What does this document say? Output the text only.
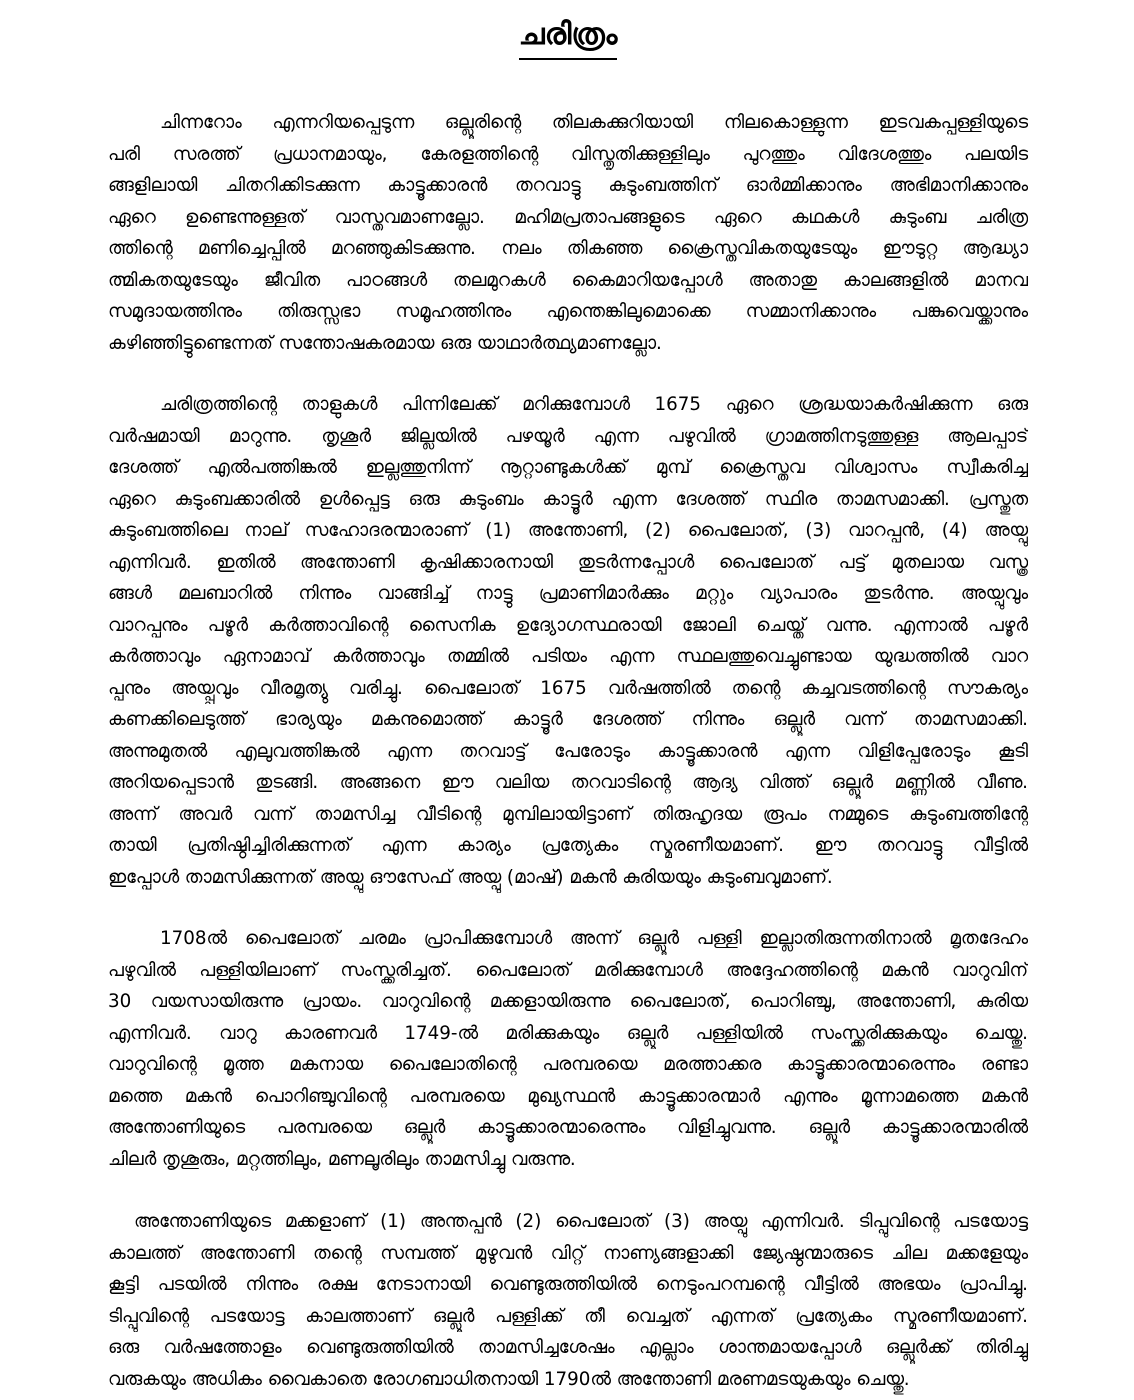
ചരിത്രം
ചിന്നറോം എന്നറിയപ്പെടുന്ന ഒല്ലൂരിന്റെ തിലകക്കുറിയായി നിലകൊള്ളുന്ന ഇടവകപ്പള്ളിയുടെ
പരി സരത്ത് പ്രധാനമായും, കേരളത്തിന്റെ വിസ്തൃതിക്കുള്ളിലും പുറത്തും വിദേശത്തും പലയിട
ങ്ങളിലായി ചിതറിക്കിടക്കുന്ന കാട്ടൂക്കാരൻ തറവാട്ടു കുടുംബത്തിന് ഓർമ്മിക്കാനും അഭിമാനിക്കാനും
ഏറെ ഉണ്ടെന്നുള്ളത് വാസ്തവമാണല്ലോ. മഹിമപ്രതാപങ്ങളുടെ ഏറെ കഥകൾ കുടുംബ ചരിത്ര
ത്തിന്റെ മണിച്ചെപ്പിൽ മറഞ്ഞുകിടക്കുന്നു. നലം തികഞ്ഞ ക്രൈസ്തവികതയുടേയും ഈടുറ്റ ആദ്ധ്യാ
ത്മികതയുടേയും ജീവിത പാഠങ്ങൾ തലമുറകൾ കൈമാറിയപ്പോൾ അതാതു കാലങ്ങളിൽ മാനവ
സമുദായത്തിനും തിരുസ്സഭാ സമൂഹത്തിനും എന്തെങ്കിലുമൊക്കെ സമ്മാനിക്കാനും പങ്കുവെയ്ക്കാനും
കഴിഞ്ഞിട്ടുണ്ടെന്നത് സന്തോഷകരമായ ഒരു യാഥാർത്ഥ്യമാണല്ലോ.
ചരിത്രത്തിന്റെ താളുകൾ പിന്നിലേക്ക് മറിക്കുമ്പോൾ 1675 ഏറെ ശ്രദ്ധയാകർഷിക്കുന്ന ഒരു
വർഷമായി മാറുന്നു. തൃശൂർ ജില്ലയിൽ പഴയൂർ എന്ന പഴുവിൽ ഗ്രാമത്തിനടുത്തുള്ള ആലപ്പാട്
ദേശത്ത് എൽപത്തിങ്കൽ ഇല്ലത്തുനിന്ന് നൂറ്റാണ്ടുകൾക്ക് മുമ്പ് ക്രൈസ്തവ വിശ്വാസം സ്വീകരിച്ച
ഏറെ കുടുംബക്കാരിൽ ഉൾപ്പെട്ട ഒരു കുടുംബം കാട്ടൂർ എന്ന ദേശത്ത് സ്ഥിര താമസമാക്കി. പ്രസ്തുത
കുടുംബത്തിലെ നാല് സഹോദരന്മാരാണ് (1) അന്തോണി, (2) പൈലോത്, (3) വാറപ്പൻ, (4) അയ്പു
എന്നിവർ. ഇതിൽ അന്തോണി കൃഷിക്കാരനായി തുടർന്നപ്പോൾ പൈലോത് പട്ട് മുതലായ വസ്ത്ര
ങ്ങൾ മലബാറിൽ നിന്നും വാങ്ങിച്ച് നാട്ടു പ്രമാണിമാർക്കും മറ്റും വ്യാപാരം തുടർന്നു. അയ്പുവും
വാറപ്പനും പഴൂർ കർത്താവിന്റെ സൈനിക ഉദ്യോഗസ്ഥരായി ജോലി ചെയ്ത് വന്നു. എന്നാൽ പഴൂർ
കർത്താവും ഏനാമാവ് കർത്താവും തമ്മിൽ പടിയം എന്ന സ്ഥലത്തുവെച്ചുണ്ടായ യുദ്ധത്തിൽ വാറ
പ്പനും അയ്പ്പുവും വീരമൃത്യു വരിച്ചു. പൈലോത് 1675 വർഷത്തിൽ തന്റെ കച്ചവടത്തിന്റെ സൗകര്യം
കണക്കിലെടുത്ത് ഭാര്യയും മകനുമൊത്ത് കാട്ടൂർ ദേശത്ത് നിന്നും ഒല്ലൂർ വന്ന് താമസമാക്കി.
അന്നുമുതൽ എലുവത്തിങ്കൽ എന്ന തറവാട്ട് പേരോടും കാട്ടൂക്കാരൻ എന്ന വിളിപ്പേരോടും കൂടി
അറിയപ്പെടാൻ തുടങ്ങി. അങ്ങനെ ഈ വലിയ തറവാടിന്റെ ആദ്യ വിത്ത് ഒല്ലൂർ മണ്ണിൽ വീണു.
അന്ന് അവർ വന്ന് താമസിച്ച വീടിന്റെ മുമ്പിലായിട്ടാണ് തിരുഹൃദയ രൂപം നമ്മുടെ കുടുംബത്തിന്റേ
തായി പ്രതിഷ്ഠിച്ചിരിക്കുന്നത് എന്ന കാര്യം പ്രത്യേകം സ്മരണീയമാണ്. ഈ തറവാട്ടു വീട്ടിൽ
ഇപ്പോൾ താമസിക്കുന്നത് അയ്പു ഔസേഫ് അയ്പു (മാഷ്) മകൻ കുരിയയും കുടുംബവുമാണ്.
1708ൽ പൈലോത് ചരമം പ്രാപിക്കുമ്പോൾ അന്ന് ഒല്ലൂർ പള്ളി ഇല്ലാതിരുന്നതിനാൽ മൃതദേഹം
പഴുവിൽ പള്ളിയിലാണ് സംസ്ക്കരിച്ചത്. പൈലോത് മരിക്കുമ്പോൾ അദ്ദേഹത്തിന്റെ മകൻ വാറുവിന്
30 വയസായിരുന്നു പ്രായം. വാറുവിന്റെ മക്കളായിരുന്നു പൈലോത്, പൊറിഞ്ചു, അന്തോണി, കുരിയ
എന്നിവർ. വാറു കാരണവർ 1749-ൽ മരിക്കുകയും ഒല്ലൂർ പള്ളിയിൽ സംസ്ക്കരിക്കുകയും ചെയ്തു.
വാറുവിന്റെ മൂത്ത മകനായ പൈലോതിന്റെ പരമ്പരയെ മരത്താക്കര കാട്ടൂക്കാരന്മാരെന്നും രണ്ടാ
മത്തെ മകൻ പൊറിഞ്ചുവിന്റെ പരമ്പരയെ മുഖ്യസ്ഥൻ കാട്ടൂക്കാരന്മാർ എന്നും മൂന്നാമത്തെ മകൻ
അന്തോണിയുടെ പരമ്പരയെ ഒല്ലൂർ കാട്ടൂക്കാരന്മാരെന്നും വിളിച്ചുവന്നു. ഒല്ലൂർ കാട്ടൂക്കാരന്മാരിൽ
ചിലർ തൃശൂരും, മറ്റത്തിലും, മണലൂരിലും താമസിച്ചു വരുന്നു.
അന്തോണിയുടെ മക്കളാണ് (1) അന്തപ്പൻ (2) പൈലോത് (3) അയ്പു എന്നിവർ. ടിപ്പുവിന്റെ പടയോട്ട
കാലത്ത് അന്തോണി തന്റെ സമ്പത്ത് മുഴുവൻ വിറ്റ് നാണ്യങ്ങളാക്കി ജ്യേഷ്ഠന്മാരുടെ ചില മക്കളേയും
കൂട്ടി പടയിൽ നിന്നും രക്ഷ നേടാനായി വെണ്ടുരുത്തിയിൽ നെടുംപറമ്പന്റെ വീട്ടിൽ അഭയം പ്രാപിച്ചു.
ടിപ്പുവിന്റെ പടയോട്ട കാലത്താണ് ഒല്ലൂർ പള്ളിക്ക് തീ വെച്ചത് എന്നത് പ്രത്യേകം സ്മരണീയമാണ്.
ഒരു വർഷത്തോളം വെണ്ടുരുത്തിയിൽ താമസിച്ചശേഷം എല്ലാം ശാന്തമായപ്പോൾ ഒല്ലൂർക്ക് തിരിച്ചു
വരുകയും അധികം വൈകാതെ രോഗബാധിതനായി 1790ൽ അന്തോണി മരണമടയുകയും ചെയ്തു.
